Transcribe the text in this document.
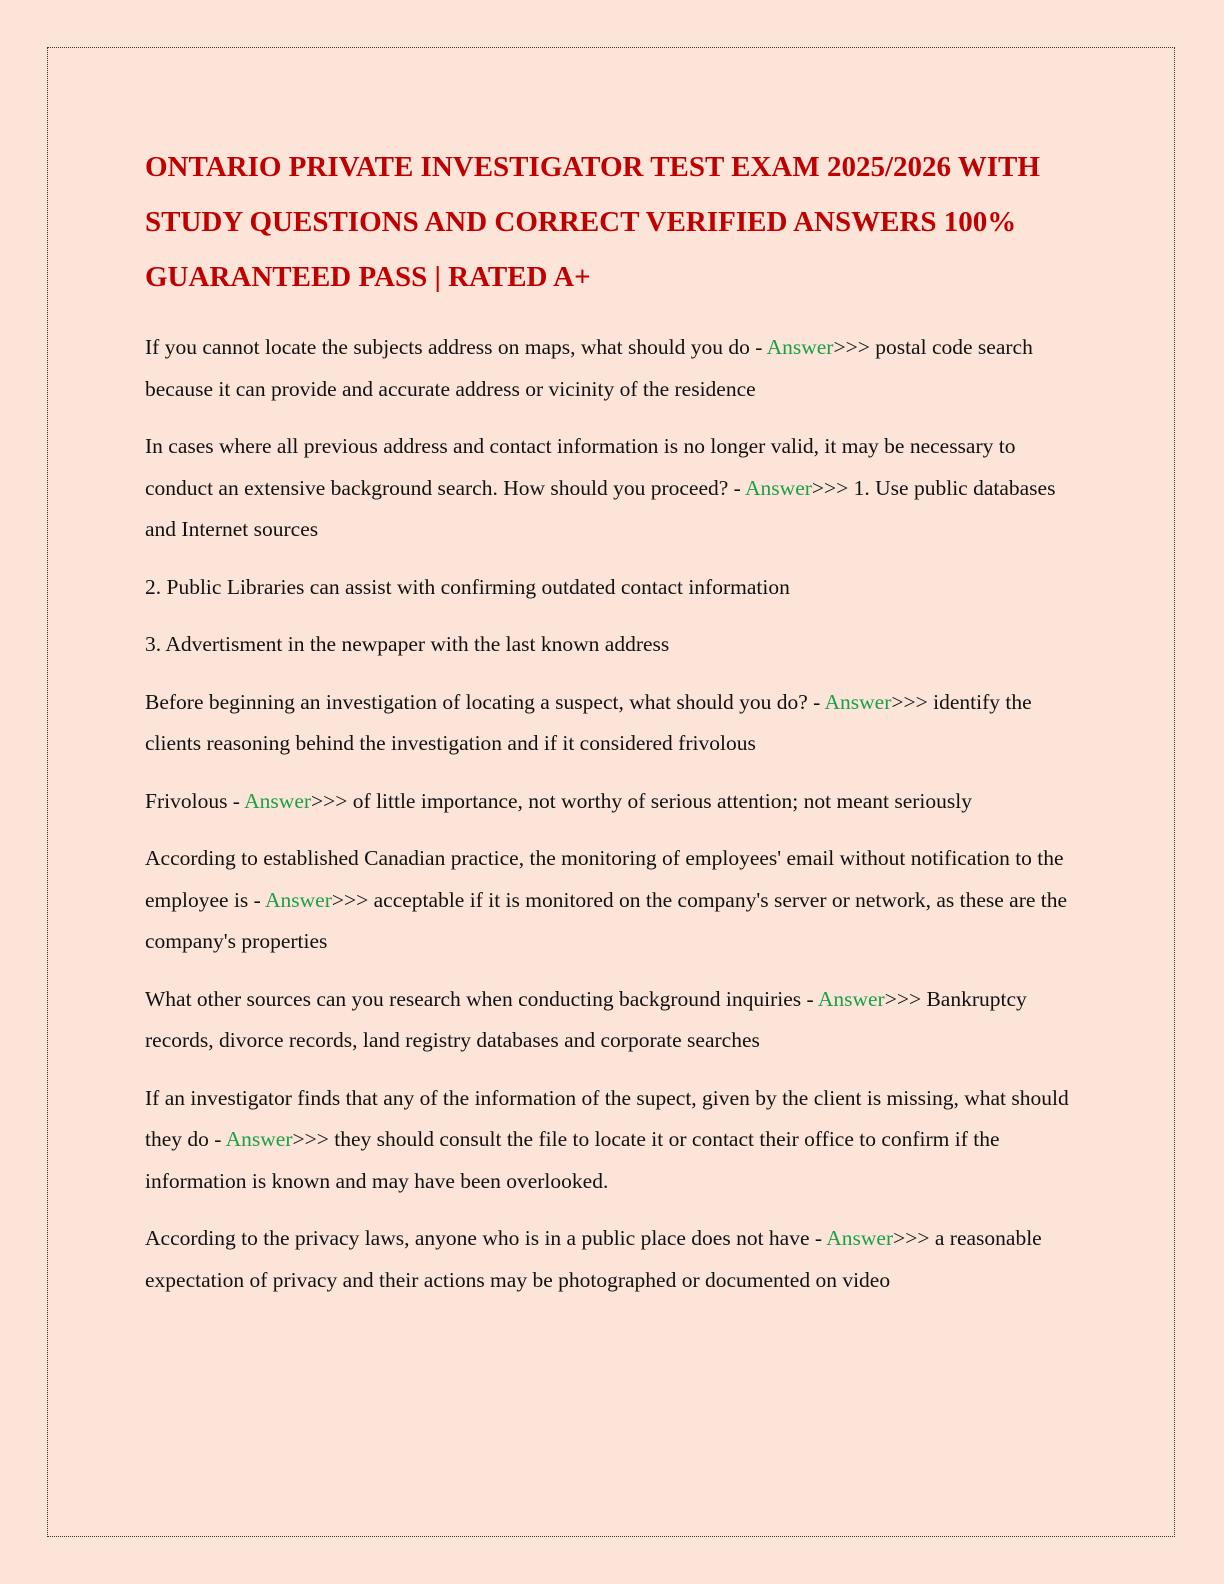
ONTARIO PRIVATE INVESTIGATOR TEST EXAM 2025/2026 WITH STUDY QUESTIONS AND CORRECT VERIFIED ANSWERS 100% GUARANTEED PASS | RATED A+

If you cannot locate the subjects address on maps, what should you do - Answer>>> postal code search because it can provide and accurate address or vicinity of the residence

In cases where all previous address and contact information is no longer valid, it may be necessary to conduct an extensive background search. How should you proceed? - Answer>>> 1. Use public databases and Internet sources

2. Public Libraries can assist with confirming outdated contact information

3. Advertisment in the newpaper with the last known address

Before beginning an investigation of locating a suspect, what should you do? - Answer>>> identify the clients reasoning behind the investigation and if it considered frivolous

Frivolous - Answer>>> of little importance, not worthy of serious attention; not meant seriously

According to established Canadian practice, the monitoring of employees' email without notification to the employee is - Answer>>> acceptable if it is monitored on the company's server or network, as these are the company's properties

What other sources can you research when conducting background inquiries - Answer>>> Bankruptcy records, divorce records, land registry databases and corporate searches

If an investigator finds that any of the information of the supect, given by the client is missing, what should they do - Answer>>> they should consult the file to locate it or contact their office to confirm if the information is known and may have been overlooked.

According to the privacy laws, anyone who is in a public place does not have - Answer>>> a reasonable expectation of privacy and their actions may be photographed or documented on video
